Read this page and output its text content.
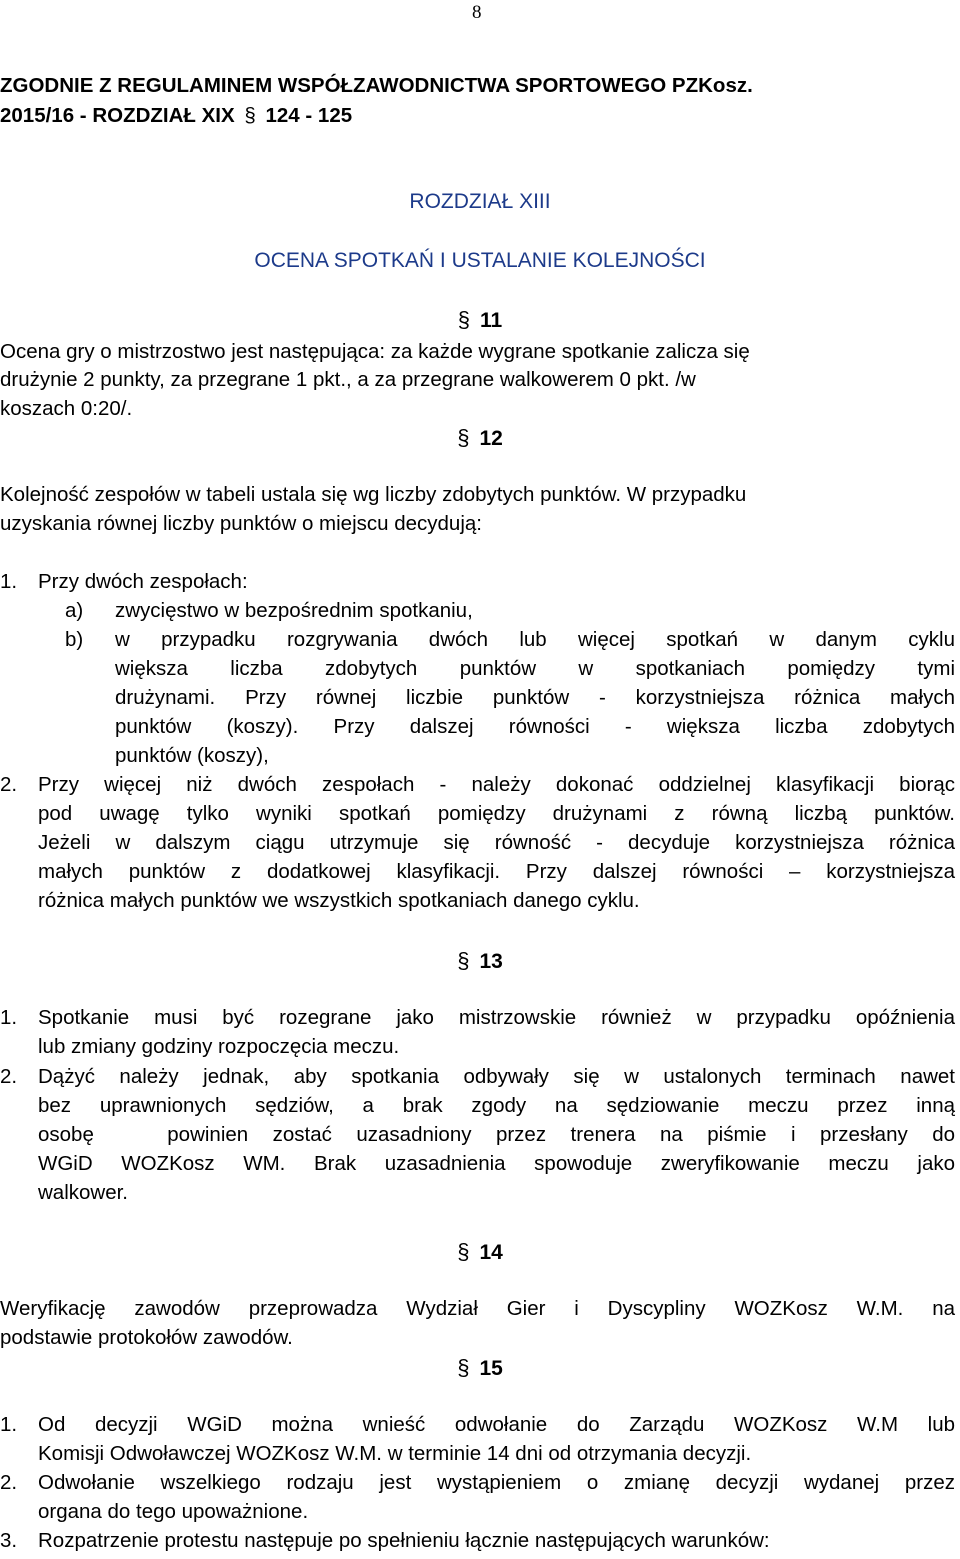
8
ZGODNIE Z REGULAMINEM WSPÓŁZAWODNICTWA SPORTOWEGO PZKosz.
2015/16 - ROZDZIAŁ XIX § 124 - 125
ROZDZIAŁ XIII
OCENA SPOTKAŃ I USTALANIE KOLEJNOŚCI
§ 11
Ocena gry o mistrzostwo jest następująca: za każde wygrane spotkanie zalicza się
drużynie 2 punkty, za przegrane 1 pkt., a za przegrane walkowerem 0 pkt. /w
koszach 0:20/.
§ 12
Kolejność zespołów w tabeli ustala się wg liczby zdobytych punktów. W przypadku
uzyskania równej liczby punktów o miejscu decydują:
1. Przy dwóch zespołach:
a) zwycięstwo w bezpośrednim spotkaniu,
b) w przypadku rozgrywania dwóch lub więcej spotkań w danym cyklu
większa liczba zdobytych punktów w spotkaniach pomiędzy tymi
drużynami. Przy równej liczbie punktów - korzystniejsza różnica małych
punktów (koszy). Przy dalszej równości - większa liczba zdobytych
punktów (koszy),
2. Przy więcej niż dwóch zespołach - należy dokonać oddzielnej klasyfikacji biorąc
pod uwagę tylko wyniki spotkań pomiędzy drużynami z równą liczbą punktów.
Jeżeli w dalszym ciągu utrzymuje się równość - decyduje korzystniejsza różnica
małych punktów z dodatkowej klasyfikacji. Przy dalszej równości – korzystniejsza
różnica małych punktów we wszystkich spotkaniach danego cyklu.
§ 13
1. Spotkanie musi być rozegrane jako mistrzowskie również w przypadku opóźnienia
lub zmiany godziny rozpoczęcia meczu.
2. Dążyć należy jednak, aby spotkania odbywały się w ustalonych terminach nawet
bez uprawnionych sędziów, a brak zgody na sędziowanie meczu przez inną
osobę   powinien zostać uzasadniony przez trenera na piśmie i przesłany do
WGiD WOZKosz WM. Brak uzasadnienia spowoduje zweryfikowanie meczu jako
walkower.
§ 14
Weryfikację zawodów przeprowadza Wydział Gier i Dyscypliny WOZKosz W.M. na
podstawie protokołów zawodów.
§ 15
1. Od decyzji WGiD można wnieść odwołanie do Zarządu WOZKosz W.M lub
Komisji Odwoławczej WOZKosz W.M. w terminie 14 dni od otrzymania decyzji.
2. Odwołanie wszelkiego rodzaju jest wystąpieniem o zmianę decyzji wydanej przez
organa do tego upoważnione.
3. Rozpatrzenie protestu następuje po spełnieniu łącznie następujących warunków:
